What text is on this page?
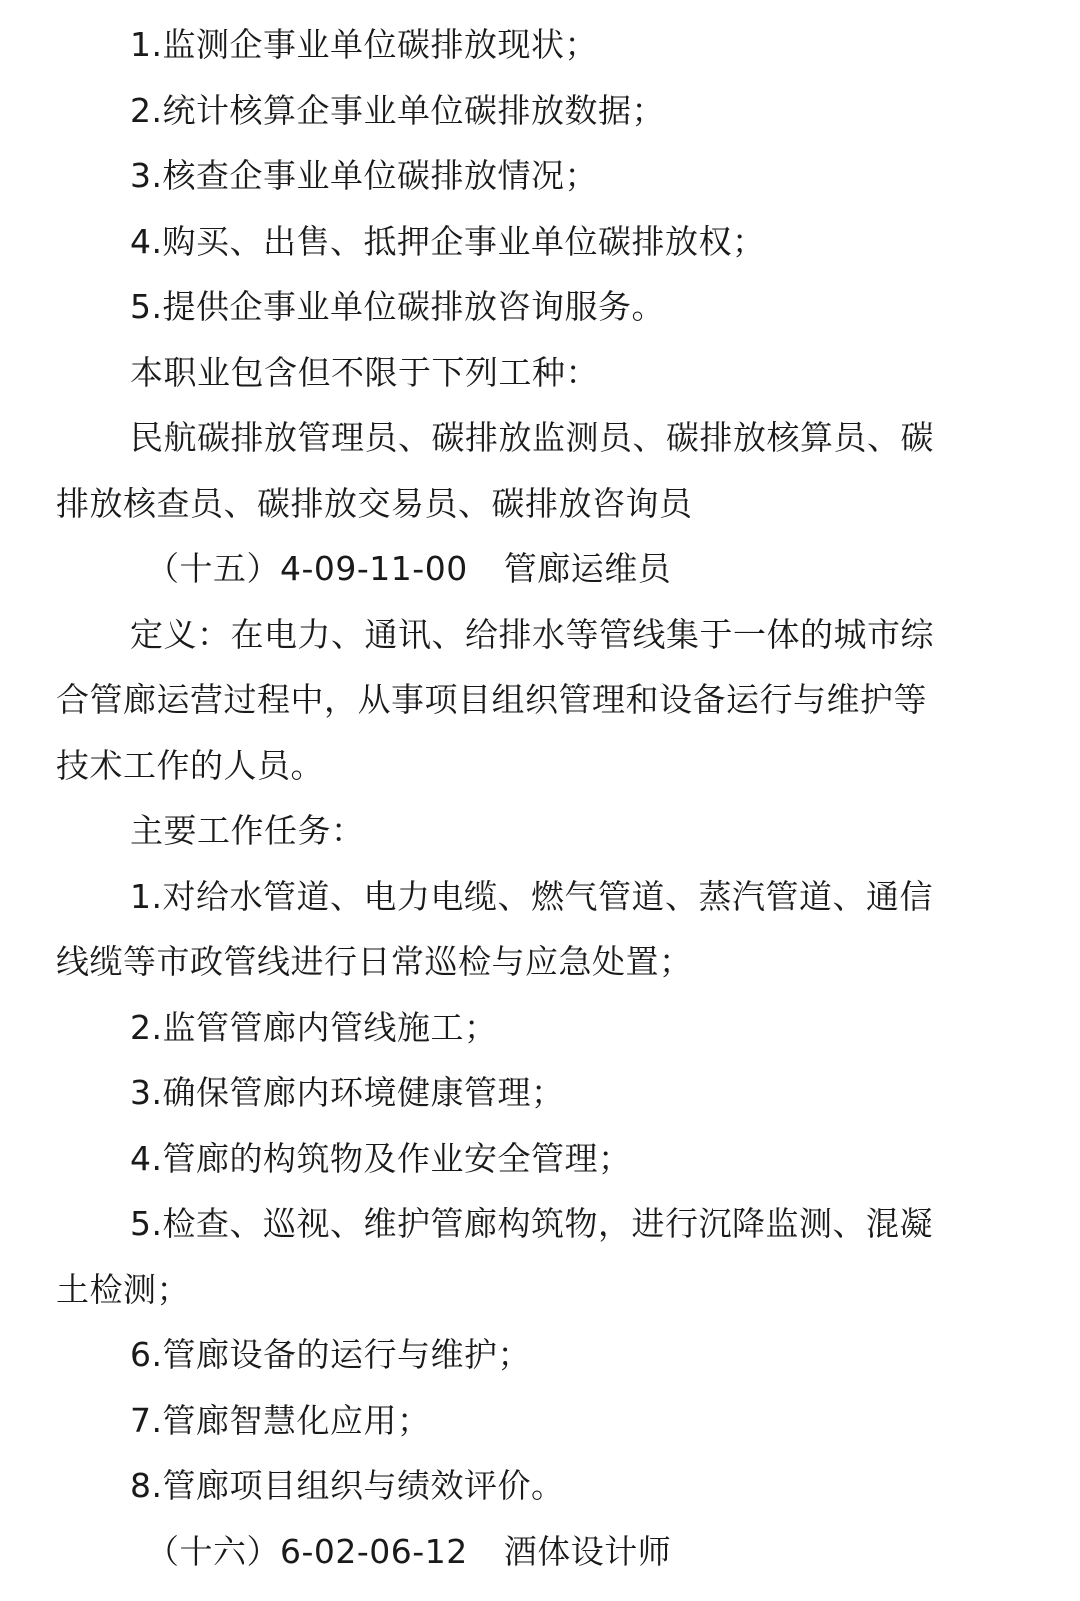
1.监测企事业单位碳排放现状；
2.统计核算企事业单位碳排放数据；
3.核查企事业单位碳排放情况；
4.购买、出售、抵押企事业单位碳排放权；
5.提供企事业单位碳排放咨询服务。
本职业包含但不限于下列工种：
民航碳排放管理员、碳排放监测员、碳排放核算员、碳
排放核查员、碳排放交易员、碳排放咨询员
（十五）4-09-11-00 管廊运维员
定义：在电力、通讯、给排水等管线集于一体的城市综
合管廊运营过程中，从事项目组织管理和设备运行与维护等
技术工作的人员。
主要工作任务：
1.对给水管道、电力电缆、燃气管道、蒸汽管道、通信
线缆等市政管线进行日常巡检与应急处置；
2.监管管廊内管线施工；
3.确保管廊内环境健康管理；
4.管廊的构筑物及作业安全管理；
5.检查、巡视、维护管廊构筑物，进行沉降监测、混凝
土检测；
6.管廊设备的运行与维护；
7.管廊智慧化应用；
8.管廊项目组织与绩效评价。
（十六）6-02-06-12 酒体设计师
